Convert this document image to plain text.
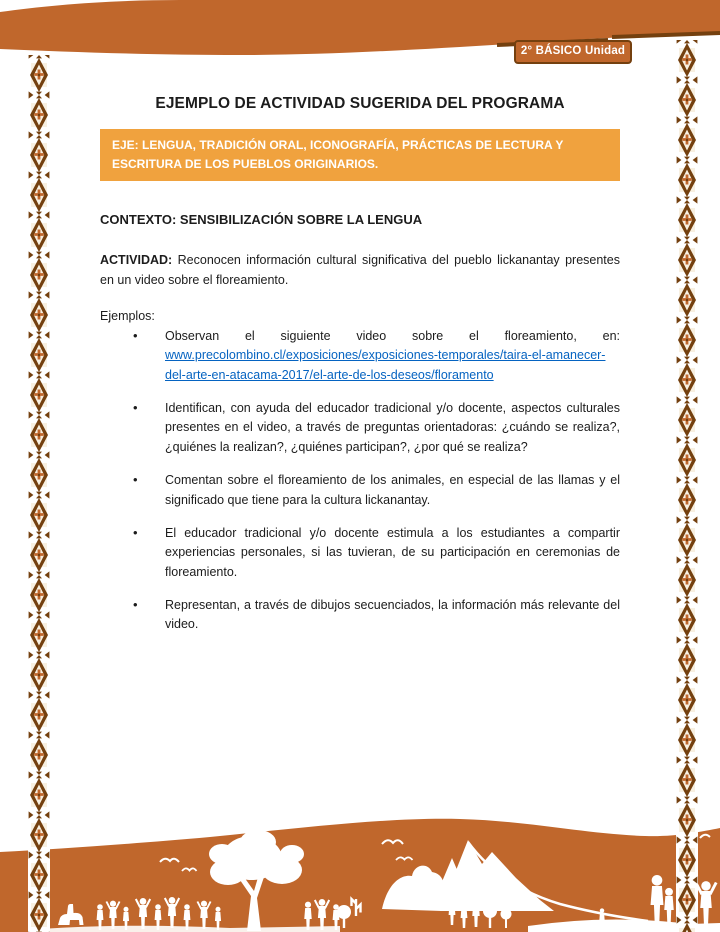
2° BÁSICO Unidad 1
EJEMPLO DE ACTIVIDAD SUGERIDA DEL PROGRAMA
EJE: LENGUA, TRADICIÓN ORAL, ICONOGRAFÍA, PRÁCTICAS DE LECTURA Y ESCRITURA DE LOS PUEBLOS ORIGINARIOS.
CONTEXTO: SENSIBILIZACIÓN SOBRE LA LENGUA

ACTIVIDAD: Reconocen información cultural significativa del pueblo lickanantay presentes en un video sobre el floreamiento.

Ejemplos:

• Observan el siguiente video sobre el floreamiento, en: www.precolombino.cl/exposiciones/exposiciones-temporales/taira-el-amanecer-del-arte-en-atacama-2017/el-arte-de-los-deseos/floramento
• Identifican, con ayuda del educador tradicional y/o docente, aspectos culturales presentes en el video, a través de preguntas orientadoras: ¿cuándo se realiza?, ¿quiénes la realizan?, ¿quiénes participan?, ¿por qué se realiza?
• Comentan sobre el floreamiento de los animales, en especial de las llamas y el significado que tiene para la cultura lickanantay.
• El educador tradicional y/o docente estimula a los estudiantes a compartir experiencias personales, si las tuvieran, de su participación en ceremonias de floreamiento.
• Representan, a través de dibujos secuenciados, la información más relevante del video.
